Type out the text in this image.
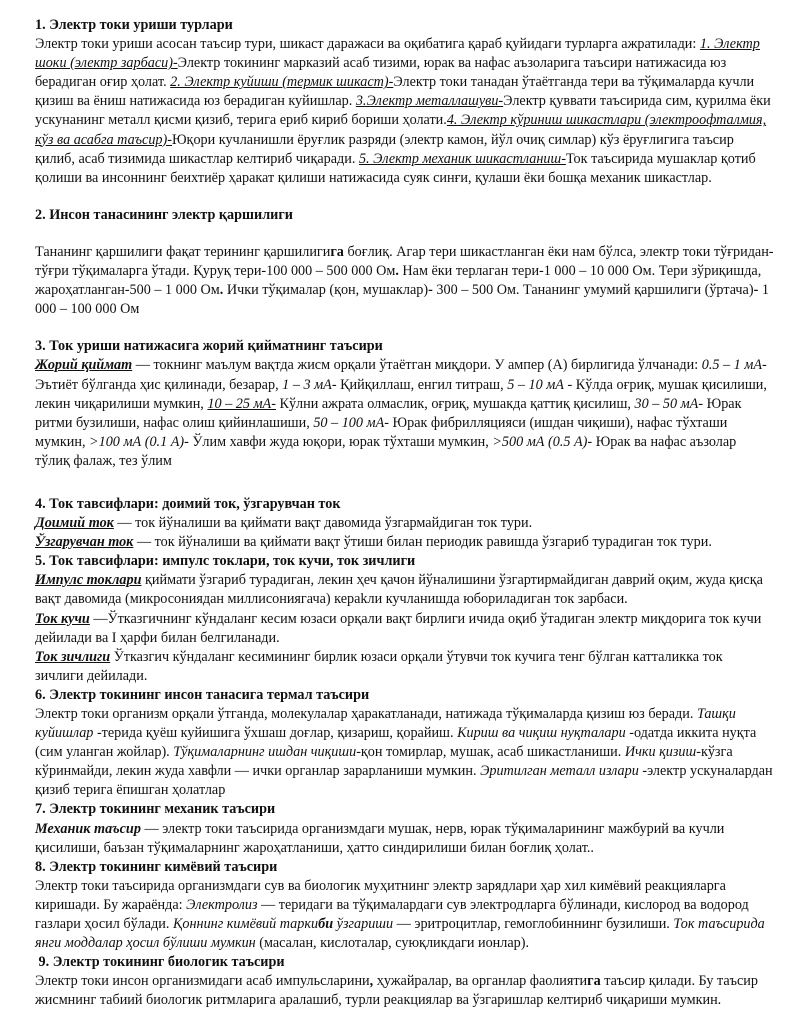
1. Электр токи уриши турлари

Электр токи уриши асосан таъсир тури, шикаст даражаси ва оқибатига қараб қуйидаги турларга ажратилади: 1. Электр шоки (электр зарбаси)-Электр токининг марказий асаб тизими, юрак ва нафас аъзоларига таъсири натижасида юз берадиган оғир ҳолат. 2. Электр куйиши (термик шикаст)-Электр токи танадан ўтаётганда тери ва тўқималарда кучли қизиш ва ёниш натижасида юз берадиган куйишлар. 3.Электр металлашуви-Электр қуввати таъсирида сим, қурилма ёки ускунанинг металл қисми қизиб, терига ериб кириб бориши ҳолати.4. Электр кўриниш шикастлари (электроофталмия, кўз ва асабга таъсир)-Юқори кучланишли ёруғлик разряди (электр камон, йўл очиқ симлар) кўз ёруғлигига таъсир қилиб, асаб тизимида шикастлар келтириб чиқаради. 5. Электр механик шикастланиш-Ток таъсирида мушаклар қотиб қолиши ва инсоннинг беихтиёр ҳаракат қилиши натижасида суяк синғи, қулаши ёки бошқа механик шикастлар.

2. Инсон танасининг электр қаршилиги

Тананинг қаршилиги фақат терининг қаршилигига боғлиқ. Агар тери шикастланган ёки нам бўлса, электр токи тўғридан-тўғри тўқималарга ўтади. Қуруқ тери-100 000 – 500 000 Ом. Нам ёки терлаган тери-1 000 – 10 000 Ом. Тери зўриқишда, жароҳатланган-500 – 1 000 Ом. Ички тўқималар (қон, мушаклар)- 300 – 500 Ом. Тананинг умумий қаршилиги (ўртача)- 1 000 – 100 000 Ом

3. Ток уриши натижасига жорий қийматнинг таъсири

Жорий қиймат — токнинг маълум вақтда жисм орқали ўтаётган миқдори. У ампер (А) бирлигида ўлчанади: 0.5 – 1 мА- Эътиёт бўлганда ҳис қилинади, безарар, 1 – 3 мА- Қийқиллаш, енгил титраш, 5 – 10 мА - Кўлда оғриқ, мушак қисилиши, лекин чиқарилиши мумкин, 10 – 25 мА- Кўлни ажрата олмаслик, оғриқ, мушакда қаттиқ қисилиш, 30 – 50 мА- Юрак ритми бузилиши, нафас олиш қийинлашиши, 50 – 100 мА- Юрак фибрилляцияси (ишдан чиқиши), нафас тўхташи мумкин, >100 мА (0.1 А)- Ўлим хавфи жуда юқори, юрак тўхташи мумкин, >500 мА (0.5 А)- Юрак ва нафас аъзолар тўлиқ фалаж, тез ўлим

4. Ток тавсифлари: доимий ток, ўзгарувчан ток

Доимий ток — ток йўналиши ва қиймати вақт давомида ўзгармайдиган ток тури.

Ўзгарувчан ток — ток йўналиши ва қиймати вақт ўтиши билан периодик равишда ўзгариб турадиган ток тури.

5. Ток тавсифлари: импулс токлари, ток кучи, ток зичлиги

Импулс токлари қиймати ўзгариб турадиган, лекин ҳеч қачон йўналишини ўзгартирмайдиган даврий оқим, жуда қисқа вақт давомида (микросониядан миллисониягача) кераkли кучланишда юбориладиган ток зарбаси.

Ток кучи —Ўтказгичнинг кўндаланг кесим юзаси орқали вақт бирлиги ичида оқиб ўтадиган электр миқдорига ток кучи дейилади ва I ҳарфи билан белгиланади.

Ток зичлиги Ўтказгич кўндаланг кесимининг бирлик юзаси орқали ўтувчи ток кучига тенг бўлган катталикка ток зичлиги дейилади.

6. Электр токининг инсон танасига термал таъсири

Электр токи организм орқали ўтганда, молекулалар ҳаракатланади, натижада тўқималарда қизиш юз беради. Ташқи куйишлар -терида қуёш куйишига ўхшаш доғлар, қизариш, қорайиш. Кириш ва чиқиш нуқталари -одатда иккита нуқта (сим уланган жойлар). Тўқималарнинг ишдан чиқиши-қон томирлар, мушак, асаб шикастланиши. Ички қизиш-кўзга кўринмайди, лекин жуда хавфли — ички органлар зарарланиши мумкин. Эритилган металл излари -электр ускуналардан қизиб терига ёпишган ҳолатлар

7. Электр токининг механик таъсири

Механик таъсир — электр токи таъсирида организмдаги мушак, нерв, юрак тўқималарининг мажбурий ва кучли қисилиши, баъзан тўқималарнинг жароҳатланиши, ҳатто синдирилиши билан боғлиқ ҳолат..

8. Электр токининг кимёвий таъсири

Электр токи таъсирида организмдаги сув ва биологик муҳитнинг электр зарядлари ҳар хил кимёвий реакцияларга киришади. Бу жараёнда: Электролиз — теридаги ва тўқималардаги сув электродларга бўлинади, кислород ва водород газлари ҳосил бўлади. Қоннинг кимёвий таркиби ўзгариши — эритроцитлар, гемоглобиннинг бузилиши. Ток таъсирида янги моддалар ҳосил бўлиши мумкин (масалан, кислоталар, суюқликдаги ионлар).

9. Электр токининг биологик таъсири

Электр токи инсон организмидаги асаб импульсларини, ҳужайралар, ва органлар фаолиятига таъсир қилади. Бу таъсир жисмнинг табиий биологик ритмларига аралашиб, турли реакциялар ва ўзгаришлар келтириб чиқариши мумкин.
